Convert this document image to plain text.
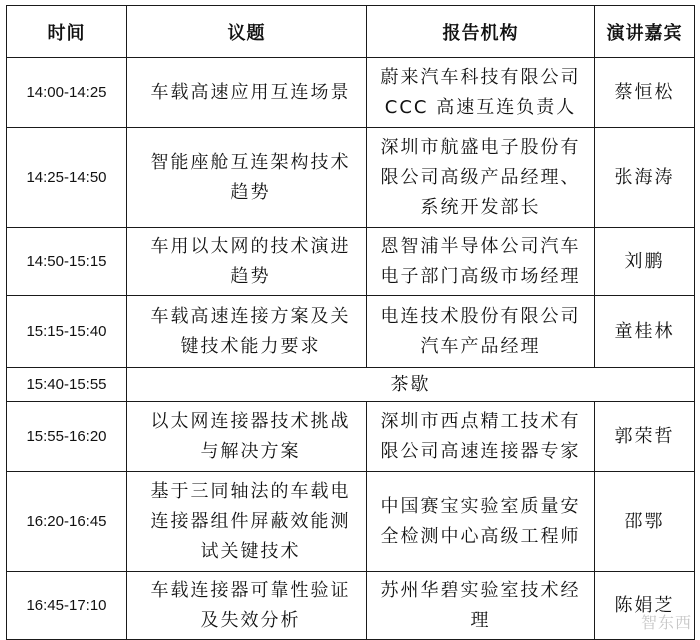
时间	议题	报告机构	演讲嘉宾
14:00-14:25	车载高速应用互连场景	蔚来汽车科技有限公司 CCC 高速互连负责人	蔡恒松
14:25-14:50	智能座舱互连架构技术趋势	深圳市航盛电子股份有限公司高级产品经理、系统开发部长	张海涛
14:50-15:15	车用以太网的技术演进趋势	恩智浦半导体公司汽车电子部门高级市场经理	刘鹏
15:15-15:40	车载高速连接方案及关键技术能力要求	电连技术股份有限公司 汽车产品经理	童桂林
15:40-15:55	茶歇		
15:55-16:20	以太网连接器技术挑战与解决方案	深圳市西点精工技术有限公司高速连接器专家	郭荣哲
16:20-16:45	基于三同轴法的车载电连接器组件屏蔽效能测试关键技术	中国赛宝实验室质量安全检测中心高级工程师	邵鄂
16:45-17:10	车载连接器可靠性验证及失效分析	苏州华碧实验室技术经理	陈娟芝
智东西
